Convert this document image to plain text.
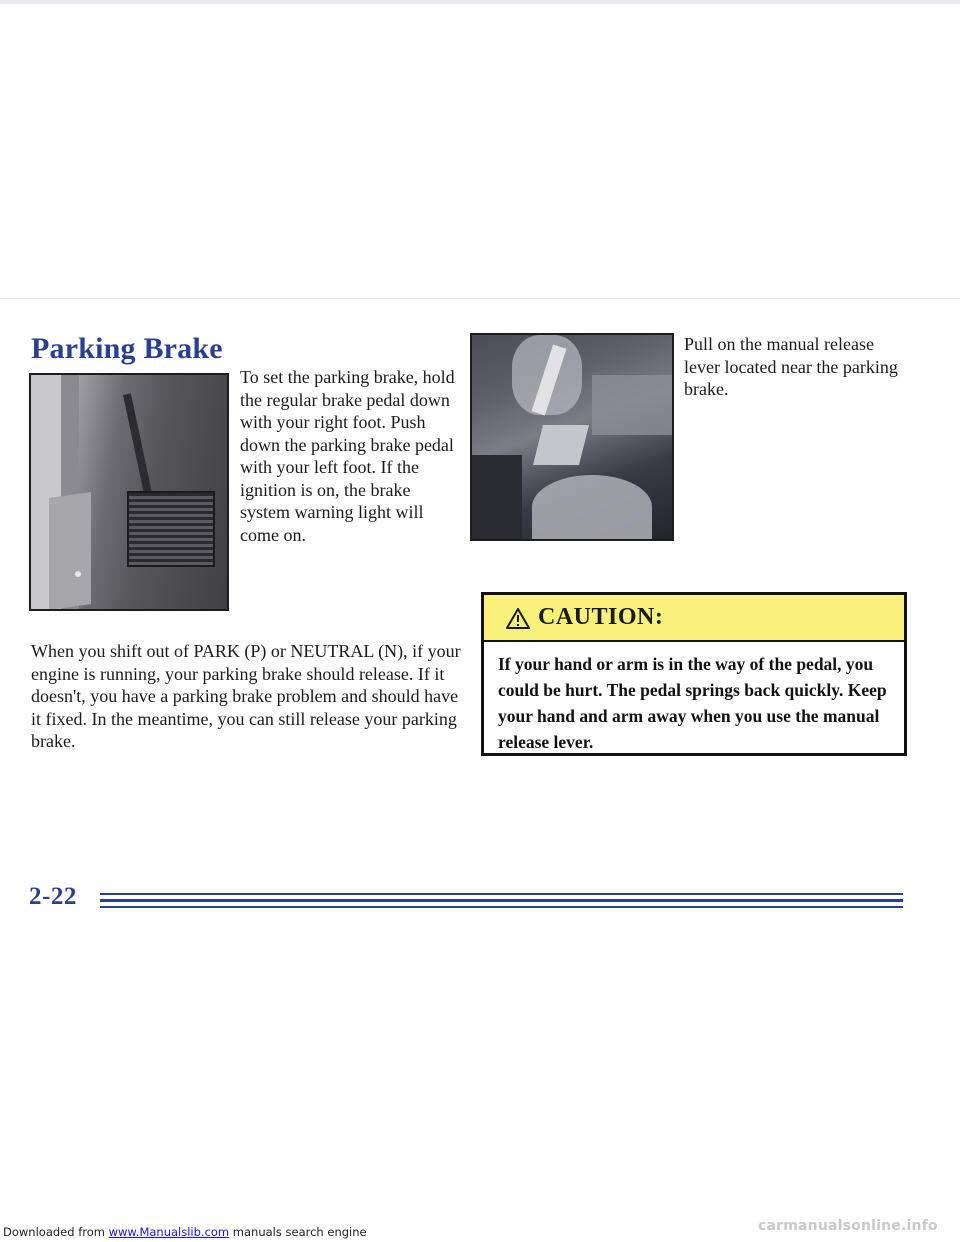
Parking Brake

To set the parking brake, hold the regular brake pedal down with your right foot. Push down the parking brake pedal with your left foot. If the ignition is on, the brake system warning light will come on.

Pull on the manual release lever located near the parking brake.

When you shift out of PARK (P) or NEUTRAL (N), if your engine is running, your parking brake should release. If it doesn't, you have a parking brake problem and should have it fixed. In the meantime, you can still release your parking brake.

CAUTION:

If your hand or arm is in the way of the pedal, you could be hurt. The pedal springs back quickly. Keep your hand and arm away when you use the manual release lever.

2-22
Downloaded from www.Manualslib.com manuals search engine	carmanualsonline.info
